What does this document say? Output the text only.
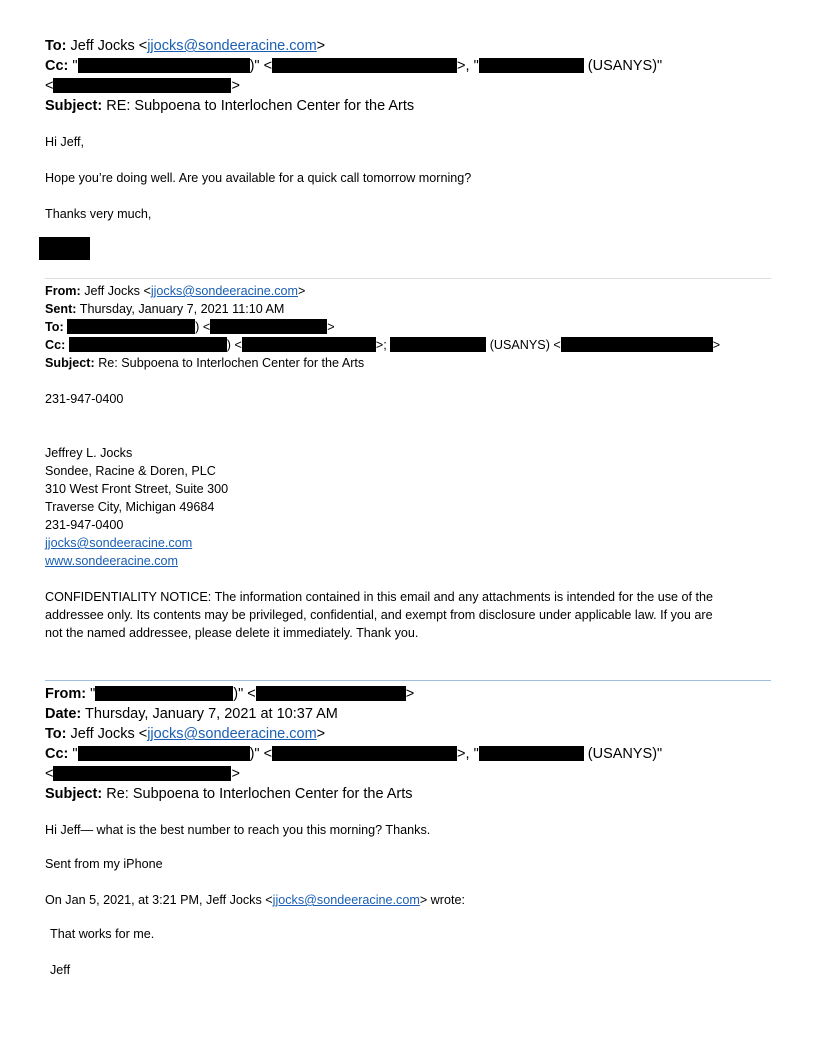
To: Jeff Jocks <jjocks@sondeeracine.com>
Cc: "	)" <	>, "	(USANYS)"
<	>
Subject: RE: Subpoena to Interlochen Center for the Arts
Hi Jeff,
Hope you’re doing well. Are you available for a quick call tomorrow morning?
Thanks very much,
From: Jeff Jocks <jjocks@sondeeracine.com>
Sent: Thursday, January 7, 2021 11:10 AM
To:	) <	>
Cc:	) <	>;	(USANYS) <	>
Subject: Re: Subpoena to Interlochen Center for the Arts
231-947-0400
Jeffrey L. Jocks
Sondee, Racine & Doren, PLC
310 West Front Street, Suite 300
Traverse City, Michigan 49684
231-947-0400
jjocks@sondeeracine.com
www.sondeeracine.com
CONFIDENTIALITY NOTICE: The information contained in this email and any attachments is intended for the use of the
addressee only. Its contents may be privileged, confidential, and exempt from disclosure under applicable law. If you are
not the named addressee, please delete it immediately. Thank you.
From: "	)" <	>
Date: Thursday, January 7, 2021 at 10:37 AM
To: Jeff Jocks <jjocks@sondeeracine.com>
Cc: "	)" <	>, "	(USANYS)"
<	>
Subject: Re: Subpoena to Interlochen Center for the Arts
Hi Jeff— what is the best number to reach you this morning? Thanks.
Sent from my iPhone
On Jan 5, 2021, at 3:21 PM, Jeff Jocks <jjocks@sondeeracine.com> wrote:
That works for me.
Jeff
